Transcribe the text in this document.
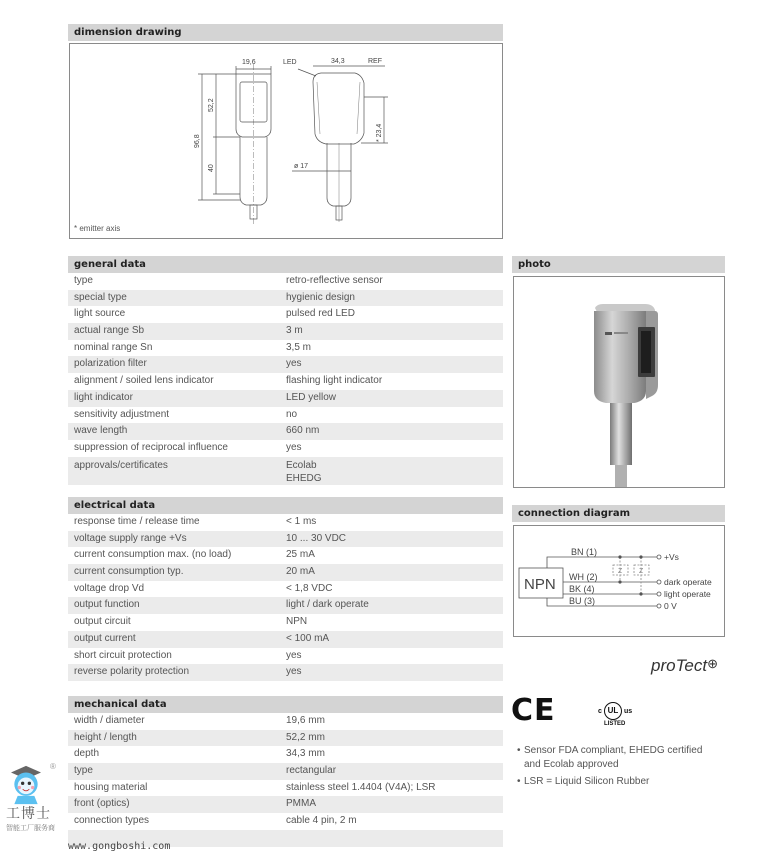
dimension drawing
19,6	LED	34,3	REF
52,2
96,8
40
* 23,4
ø 17
* emitter axis
general data
type	retro-reflective sensor
special type	hygienic design
light source	pulsed red LED
actual range Sb	3 m
nominal range Sn	3,5 m
polarization filter	yes
alignment / soiled lens indicator	flashing light indicator
light indicator	LED yellow
sensitivity adjustment	no
wave length	660 nm
suppression of reciprocal influence	yes
approvals/certificates	Ecolab
EHEDG
electrical data
response time / release time	< 1 ms
voltage supply range +Vs	10 ... 30 VDC
current consumption max. (no load)	25 mA
current consumption typ.	20 mA
voltage drop Vd	< 1,8 VDC
output function	light / dark operate
output circuit	NPN
output current	< 100 mA
short circuit protection	yes
reverse polarity protection	yes
mechanical data
width / diameter	19,6 mm
height / length	52,2 mm
depth	34,3 mm
type	rectangular
housing material	stainless steel 1.4404 (V4A); LSR
front (optics)	PMMA
connection types	cable 4 pin, 2 m
photo
connection diagram
NPN
BN (1)
WH (2)
BK (4)
BU (3)
Z Z
+Vs
dark operate
light operate
0 V
proTect⊕
CE	c UL us
LISTED
• Sensor FDA compliant, EHEDG certified
and Ecolab approved
• LSR = Liquid Silicon Rubber
®
工博士
智能工厂服务商
www.gongboshi.com
